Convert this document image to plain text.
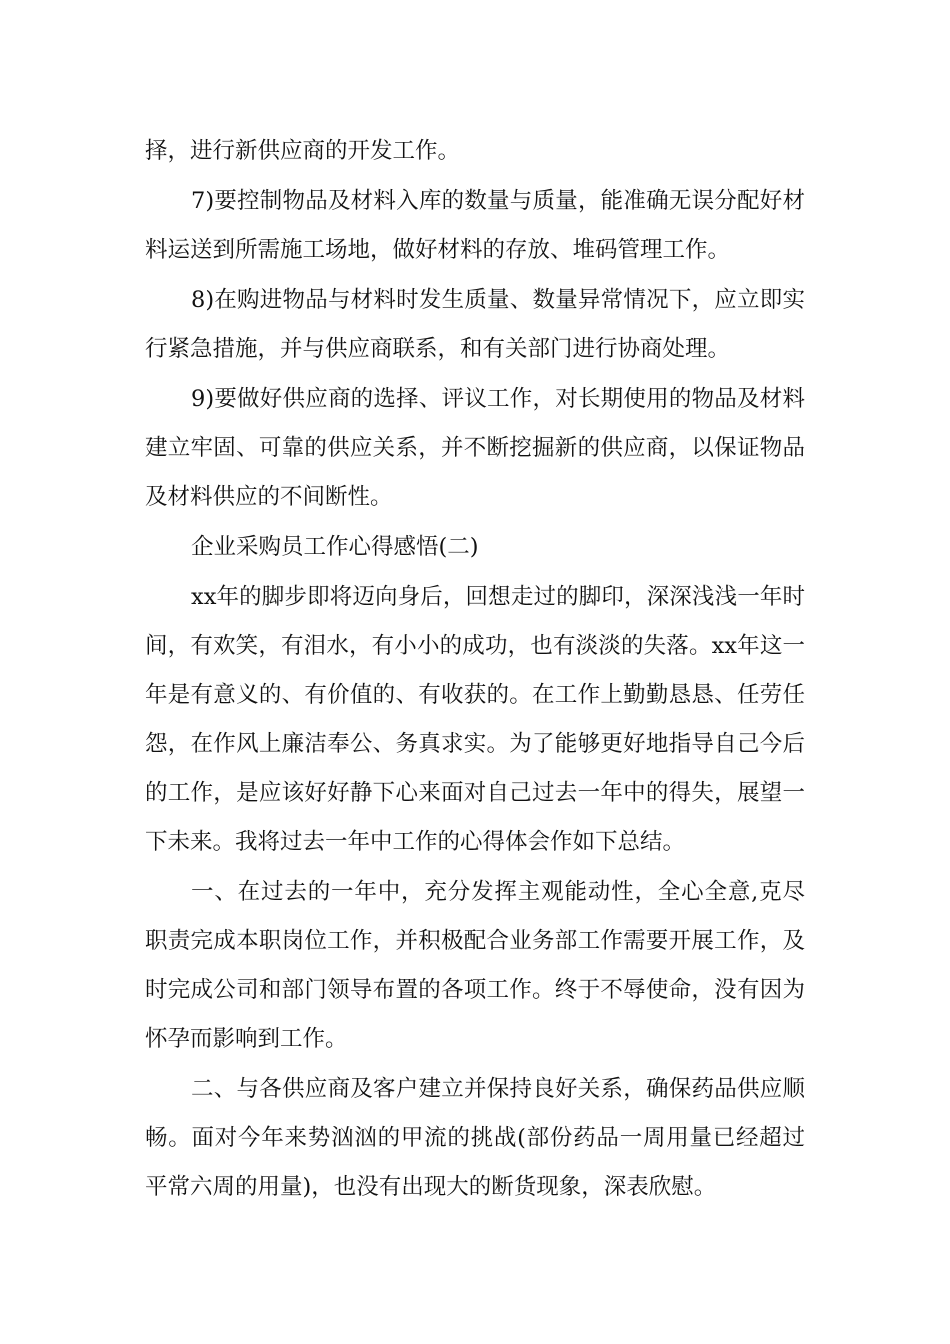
择，进行新供应商的开发工作。

7)要控制物品及材料入库的数量与质量，能准确无误分配好材料运送到所需施工场地，做好材料的存放、堆码管理工作。

8)在购进物品与材料时发生质量、数量异常情况下，应立即实行紧急措施，并与供应商联系，和有关部门进行协商处理。

9)要做好供应商的选择、评议工作，对长期使用的物品及材料建立牢固、可靠的供应关系，并不断挖掘新的供应商，以保证物品及材料供应的不间断性。

企业采购员工作心得感悟(二)

xx年的脚步即将迈向身后，回想走过的脚印，深深浅浅一年时间，有欢笑，有泪水，有小小的成功，也有淡淡的失落。xx年这一年是有意义的、有价值的、有收获的。在工作上勤勤恳恳、任劳任怨，在作风上廉洁奉公、务真求实。为了能够更好地指导自己今后的工作，是应该好好静下心来面对自己过去一年中的得失，展望一下未来。我将过去一年中工作的心得体会作如下总结。

一、在过去的一年中，充分发挥主观能动性，全心全意,克尽职责完成本职岗位工作，并积极配合业务部工作需要开展工作，及时完成公司和部门领导布置的各项工作。终于不辱使命，没有因为怀孕而影响到工作。

二、与各供应商及客户建立并保持良好关系，确保药品供应顺畅。面对今年来势汹汹的甲流的挑战(部份药品一周用量已经超过平常六周的用量)，也没有出现大的断货现象，深表欣慰。
